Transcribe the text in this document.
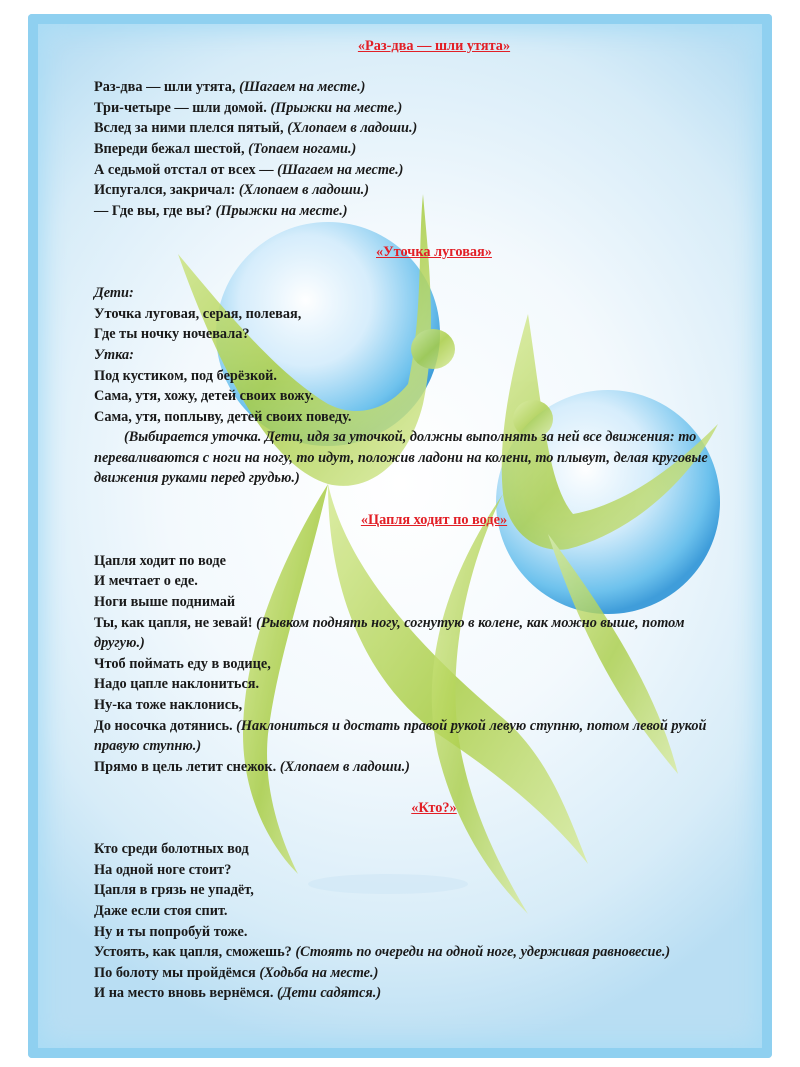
«Раз-два — шли утята»

Раз-два — шли утята, (Шагаем на месте.)

Три-четыре — шли домой. (Прыжки на месте.)

Вслед за ними плелся пятый, (Хлопаем в ладоши.)

Впереди бежал шестой, (Топаем ногами.)

А седьмой отстал от всех — (Шагаем на месте.)

Испугался, закричал: (Хлопаем в ладоши.)

— Где вы, где вы? (Прыжки на месте.)

«Уточка луговая»

Дети:

Уточка луговая, серая, полевая,

Где ты ночку ночевала?

Утка:

Под кустиком, под берёзкой.

Сама, утя, хожу, детей своих вожу.

Сама, утя, поплыву, детей своих поведу.

(Выбирается уточка. Дети, идя за уточкой, должны выполнять за ней все движения: то переваливаются с ноги на ногу, то идут, положив ладони на колени, то плывут, делая круговые движения руками перед грудью.)

«Цапля ходит по воде»

Цапля ходит по воде

И мечтает о еде.

Ноги выше поднимай

Ты, как цапля, не зевай! (Рывком поднять ногу, согнутую в колене, как можно выше, потом другую.)

Чтоб поймать еду в водице,

Надо цапле наклониться.

Ну-ка тоже наклонись,

До носочка дотянись. (Наклониться и достать правой рукой левую ступню, потом левой рукой правую ступню.)

Прямо в цель летит снежок. (Хлопаем в ладоши.)

«Кто?»

Кто среди болотных вод

На одной ноге стоит?

Цапля в грязь не упадёт,

Даже если стоя спит.

Ну и ты попробуй тоже.

Устоять, как цапля, сможешь? (Стоять по очереди на одной ноге, удерживая равновесие.)

По болоту мы пройдёмся (Ходьба на месте.)

И на место вновь вернёмся. (Дети садятся.)
